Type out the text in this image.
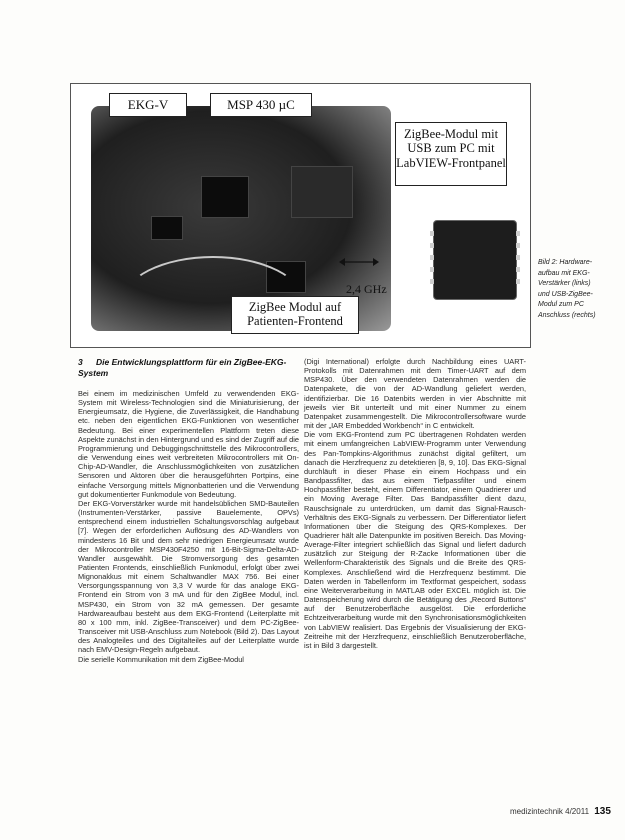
EKG-V	MSP 430 µC
ZigBee-Modul mit USB zum PC mit LabVIEW-Frontpanel
2,4 GHz
ZigBee Modul auf Patienten-Frontend
Bild 2: Hardwareaufbau mit EKG-Verstärker (links) und USB-ZigBee-Modul zum PC Anschluss (rechts)
3 Die Entwicklungsplattform für ein ZigBee-EKG-System

Bei einem im medizinischen Umfeld zu verwendenden EKG-System mit Wireless-Technologien sind die Miniaturisierung, der Energieumsatz, die Hygiene, die Zuverlässigkeit, die Handhabung etc. neben den eigentlichen EKG-Funktionen von wesentlicher Bedeutung. Bei einer experimentellen Plattform treten diese Aspekte zunächst in den Hintergrund und es sind der Zugriff auf die Programmierung und Debuggingschnittstelle des Mikrocontrollers, die Verwendung eines weit verbreiteten Mikrocontrollers mit On-Chip-AD-Wandler, die Anschlussmöglichkeiten von zusätzlichen Sensoren und Aktoren über die herausgeführten Portpins, eine einfache Versorgung mittels Mignonbatterien und die Verwendung gut dokumentierter Funkmodule von Bedeutung.

Der EKG-Vorverstärker wurde mit handelsüblichen SMD-Bauteilen (Instrumenten-Verstärker, passive Bauelemente, OPVs) entsprechend einem industriellen Schaltungsvorschlag aufgebaut [7]. Wegen der erforderlichen Auflösung des AD-Wandlers von mindestens 16 Bit und dem sehr niedrigen Energieumsatz wurde der Mikrocontroller MSP430F4250 mit 16-Bit-Sigma-Delta-AD-Wandler ausgewählt. Die Stromversorgung des gesamten Patienten Frontends, einschließlich Funkmodul, erfolgt über zwei Mignonakkus mit einem Schaltwandler MAX 756. Bei einer Versorgungsspannung von 3,3 V wurde für das analoge EKG-Frontend ein Strom von 3 mA und für den ZigBee Modul, incl. MSP430, ein Strom von 32 mA gemessen. Der gesamte Hardwareaufbau besteht aus dem EKG-Frontend (Leiterplatte mit 80 x 100 mm, inkl. ZigBee-Transceiver) und dem PC-ZigBee-Transceiver mit USB-Anschluss zum Notebook (Bild 2). Das Layout des Analogteiles und des Digitalteiles auf der Leiterplatte wurde nach EMV-Design-Regeln aufgebaut.

Die serielle Kommunikation mit dem ZigBee-Modul

(Digi International) erfolgte durch Nachbildung eines UART-Protokolls mit Datenrahmen mit dem Timer-UART auf dem MSP430. Über den verwendeten Datenrahmen werden die Datenpakete, die von der AD-Wandlung geliefert werden, identifizierbar. Die 16 Datenbits werden in vier Abschnitte mit jeweils vier Bit unterteilt und mit einer Nummer zu einem Datenpaket zusammengestellt. Die Mikrocontrollersoftware wurde mit der „IAR Embedded Workbench“ in C entwickelt.

Die vom EKG-Frontend zum PC übertragenen Rohdaten werden mit einem umfangreichen LabVIEW-Programm unter Verwendung des Pan-Tompkins-Algorithmus zunächst digital gefiltert, um danach die Herzfrequenz zu detektieren [8, 9, 10]. Das EKG-Signal durchläuft in dieser Phase ein einem Hochpass und ein Bandpassfilter, das aus einem Tiefpassfilter und einem Hochpassfilter besteht, einem Differentiator, einem Quadrierer und ein Moving Average Filter. Das Bandpassfilter dient dazu, Rauschsignale zu unterdrücken, um damit das Signal-Rausch-Verhältnis des EKG-Signals zu verbessern. Der Differentiator liefert Informationen über die Steigung des QRS-Komplexes. Der Quadrierer hält alle Datenpunkte im positiven Bereich. Das Moving-Average-Filter integriert schließlich das Signal und liefert dadurch zusätzlich zur Steigung der R-Zacke Informationen über die Wellenform-Charakteristik des Signals und die Breite des QRS-Komplexes. Anschließend wird die Herzfrequenz bestimmt. Die Daten werden in Tabellenform im Textformat gespeichert, sodass eine Weiterverarbeitung in MATLAB oder EXCEL möglich ist. Die Datenspeicherung wird durch die Betätigung des „Record Buttons“ auf der Benutzeroberfläche ausgelöst. Die erforderliche Echtzeitverarbeitung wurde mit den Synchronisationsmöglichkeiten von LabVIEW realisiert. Das Ergebnis der Visualisierung der EKG-Zeitreihe mit der Herzfrequenz, einschließlich Benutzeroberfläche, ist in Bild 3 dargestellt.

medizintechnik 4/2011 135
